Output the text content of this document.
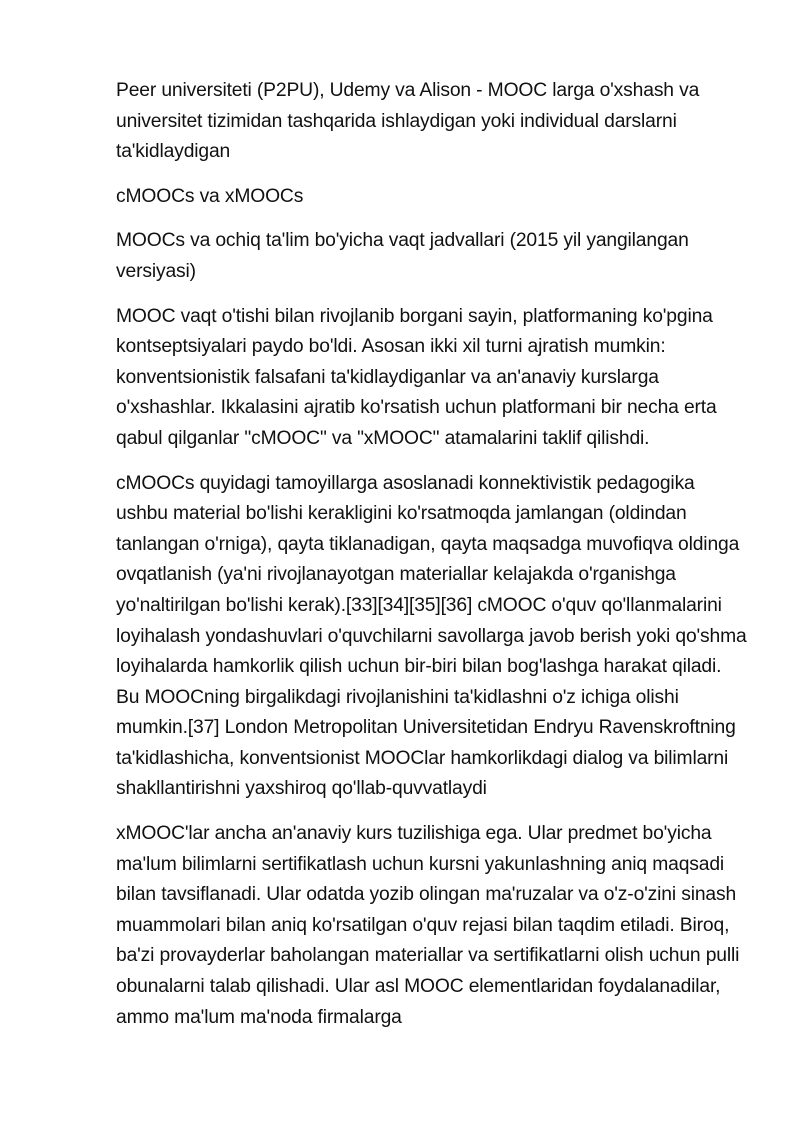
Peer universiteti (P2PU), Udemy va Alison - MOOC larga o'xshash va universitet tizimidan tashqarida ishlaydigan yoki individual darslarni ta'kidlaydigan

cMOOCs va xMOOCs

MOOCs va ochiq ta'lim bo'yicha vaqt jadvallari (2015 yil yangilangan versiyasi)

MOOC vaqt o'tishi bilan rivojlanib borgani sayin, platformaning ko'pgina kontseptsiyalari paydo bo'ldi. Asosan ikki xil turni ajratish mumkin: konventsionistik falsafani ta'kidlaydiganlar va an'anaviy kurslarga o'xshashlar. Ikkalasini ajratib ko'rsatish uchun platformani bir necha erta qabul qilganlar "cMOOC" va "xMOOC" atamalarini taklif qilishdi.

cMOOCs quyidagi tamoyillarga asoslanadi konnektivistik pedagogika ushbu material bo'lishi kerakligini ko'rsatmoqda jamlangan (oldindan tanlangan o'rniga), qayta tiklanadigan, qayta maqsadga muvofiqva oldinga ovqatlanish (ya'ni rivojlanayotgan materiallar kelajakda o'rganishga yo'naltirilgan bo'lishi kerak).[33][34][35][36] cMOOC o'quv qo'llanmalarini loyihalash yondashuvlari o'quvchilarni savollarga javob berish yoki qo'shma loyihalarda hamkorlik qilish uchun bir-biri bilan bog'lashga harakat qiladi. Bu MOOCning birgalikdagi rivojlanishini ta'kidlashni o'z ichiga olishi mumkin.[37] London Metropolitan Universitetidan Endryu Ravenskroftning ta'kidlashicha, konventsionist MOOClar hamkorlikdagi dialog va bilimlarni shakllantirishni yaxshiroq qo'llab-quvvatlaydi

xMOOC'lar ancha an'anaviy kurs tuzilishiga ega. Ular predmet bo'yicha ma'lum bilimlarni sertifikatlash uchun kursni yakunlashning aniq maqsadi bilan tavsiflanadi. Ular odatda yozib olingan ma'ruzalar va o'z-o'zini sinash muammolari bilan aniq ko'rsatilgan o'quv rejasi bilan taqdim etiladi. Biroq, ba'zi provayderlar baholangan materiallar va sertifikatlarni olish uchun pulli obunalarni talab qilishadi. Ular asl MOOC elementlaridan foydalanadilar, ammo ma'lum ma'noda firmalarga
